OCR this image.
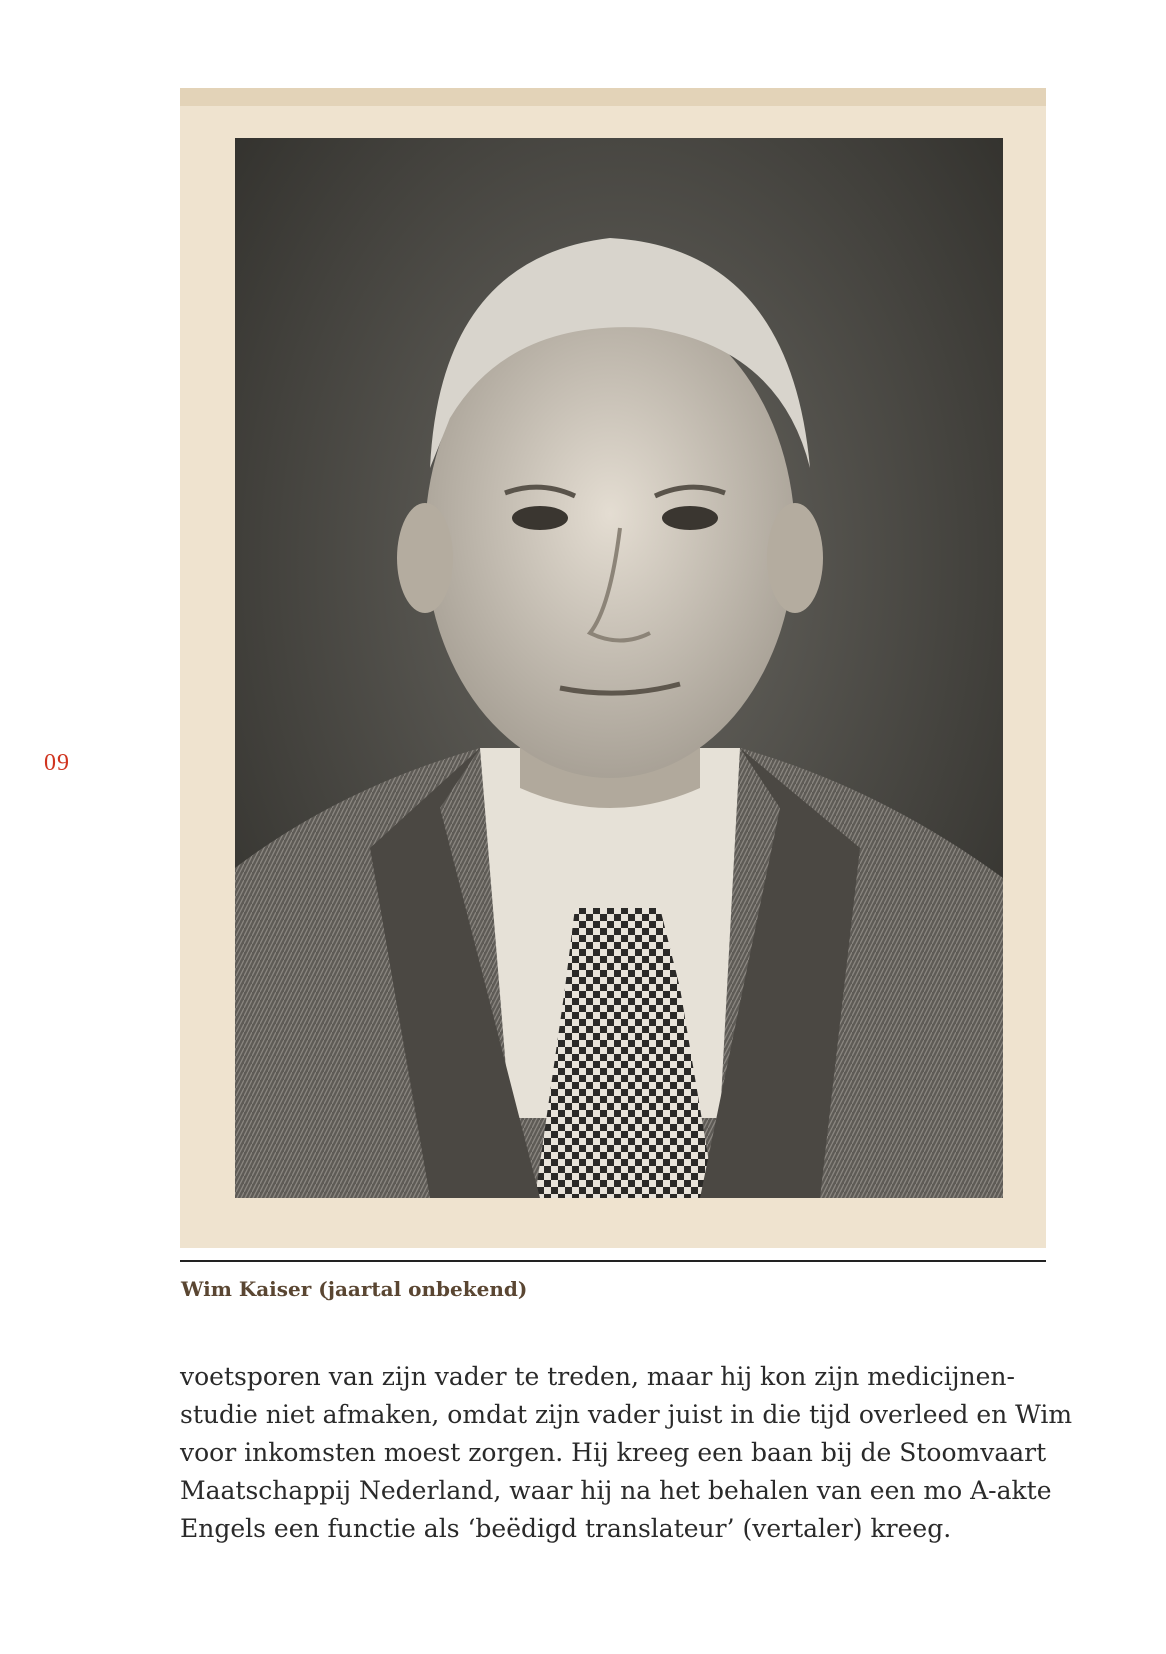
09
Wim Kaiser (jaartal onbekend)
voetsporen van zijn vader te treden, maar hij kon zijn medicijnen-
studie niet afmaken, omdat zijn vader juist in die tijd overleed en Wim
voor inkomsten moest zorgen. Hij kreeg een baan bij de Stoomvaart
Maatschappij Nederland, waar hij na het behalen van een mo A-akte
Engels een functie als ‘beëdigd translateur’ (vertaler) kreeg.
